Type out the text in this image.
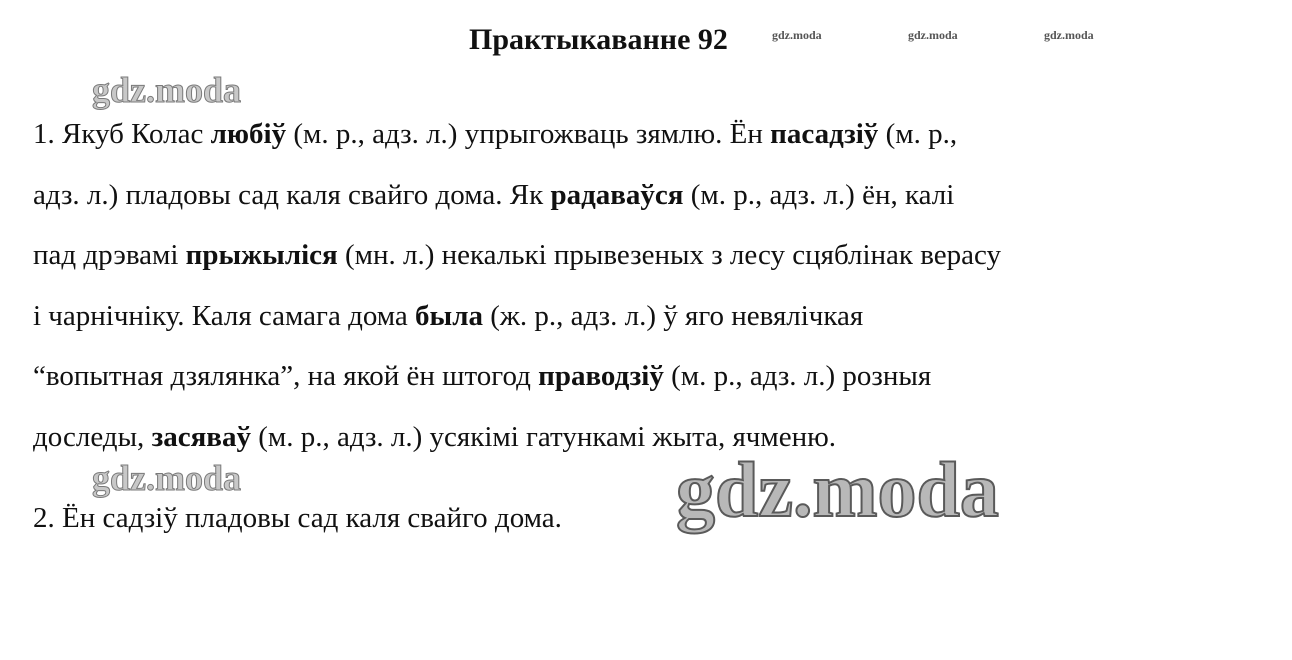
Практыкаванне 92	gdz.moda	gdz.moda	gdz.moda
gdz.moda
gdz.moda
1. Якуб Колас любіў (м. р., адз. л.) упрыгожваць зямлю. Ён пасадзіў (м. р.,
адз. л.) пладовы сад каля свайго дома. Як радаваўся (м. р., адз. л.) ён, калі
пад дрэвамі прыжыліся (мн. л.) некалькі прывезеных з лесу сцяблінак верасу
і чарнічніку. Каля самага дома была (ж. р., адз. л.) ў яго невялічкая
“вопытная дзялянка”, на якой ён штогод праводзіў (м. р., адз. л.) розныя
доследы, засяваў (м. р., адз. л.) усякімі гатункамі жыта, ячменю.
2. Ён садзіў пладовы сад каля свайго дома. gdz.moda
